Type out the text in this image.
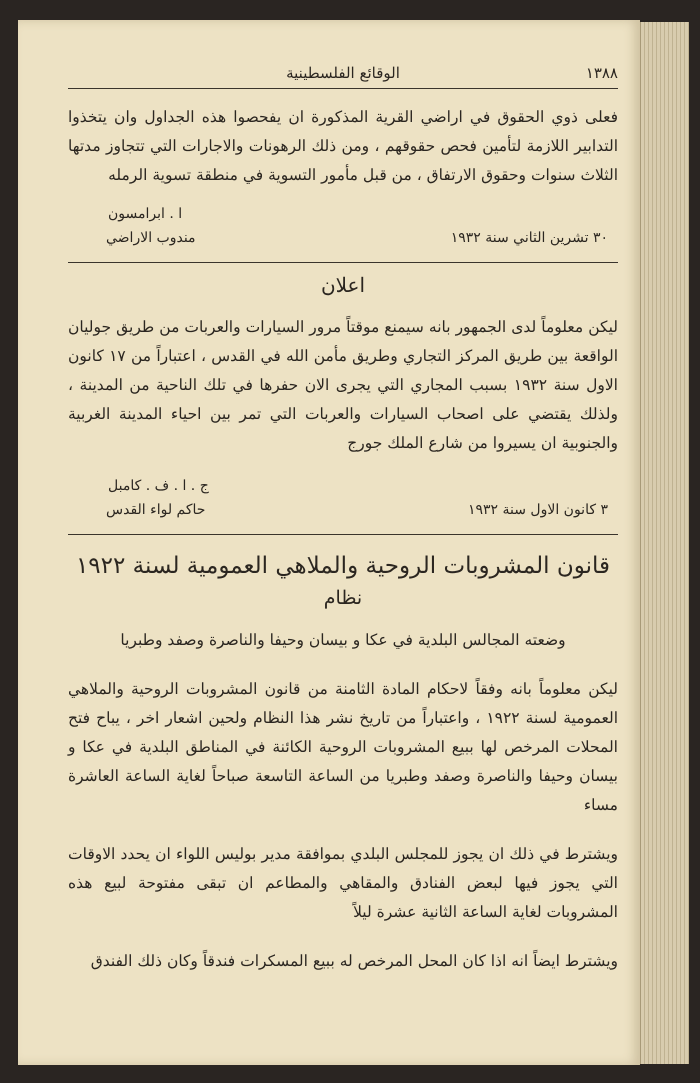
١٣٨٨
الوقائع الفلسطينية

فعلى ذوي الحقوق في اراضي القرية المذكورة ان يفحصوا هذه الجداول وان يتخذوا التدابير اللازمة لتأمين فحص حقوقهم ، ومن ذلك الرهونات والاجارات التي تتجاوز مدتها الثلاث سنوات وحقوق الارتفاق ، من قبل مأمور التسوية في منطقة تسوية الرمله

ا . ابرامسون
مندوب الاراضي	٣٠ تشرين الثاني سنة ١٩٣٢
اعلان

ليكن معلوماً لدى الجمهور بانه سيمنع موقتاً مرور السيارات والعربات من طريق جوليان الواقعة بين طريق المركز التجاري وطريق مأمن الله في القدس ، اعتباراً من ١٧ كانون الاول سنة ١٩٣٢ بسبب المجاري التي يجرى الان حفرها في تلك الناحية من المدينة ، ولذلك يقتضي على اصحاب السيارات والعربات التي تمر بين احياء المدينة الغربية والجنوبية ان يسيروا من شارع الملك جورج

ج . ا . ف . كامبل
حاكم لواء القدس	٣ كانون الاول سنة ١٩٣٢
قانون المشروبات الروحية والملاهي العمومية لسنة ١٩٢٢
نظام
وضعته المجالس البلدية في عكا و بيسان وحيفا والناصرة وصفد وطبريا

ليكن معلوماً بانه وفقاً لاحكام المادة الثامنة من قانون المشروبات الروحية والملاهي العمومية لسنة ١٩٢٢ ، واعتباراً من تاريخ نشر هذا النظام ولحين اشعار اخر ، يباح فتح المحلات المرخص لها ببيع المشروبات الروحية الكائنة في المناطق البلدية في عكا و بيسان وحيفا والناصرة وصفد وطبريا من الساعة التاسعة صباحاً لغاية الساعة العاشرة مساء

ويشترط في ذلك ان يجوز للمجلس البلدي بموافقة مدير بوليس اللواء ان يحدد الاوقات التي يجوز فيها لبعض الفنادق والمقاهي والمطاعم ان تبقى مفتوحة لبيع هذه المشروبات لغاية الساعة الثانية عشرة ليلاً

ويشترط ايضاً انه اذا كان المحل المرخص له ببيع المسكرات فندقاً وكان ذلك الفندق
